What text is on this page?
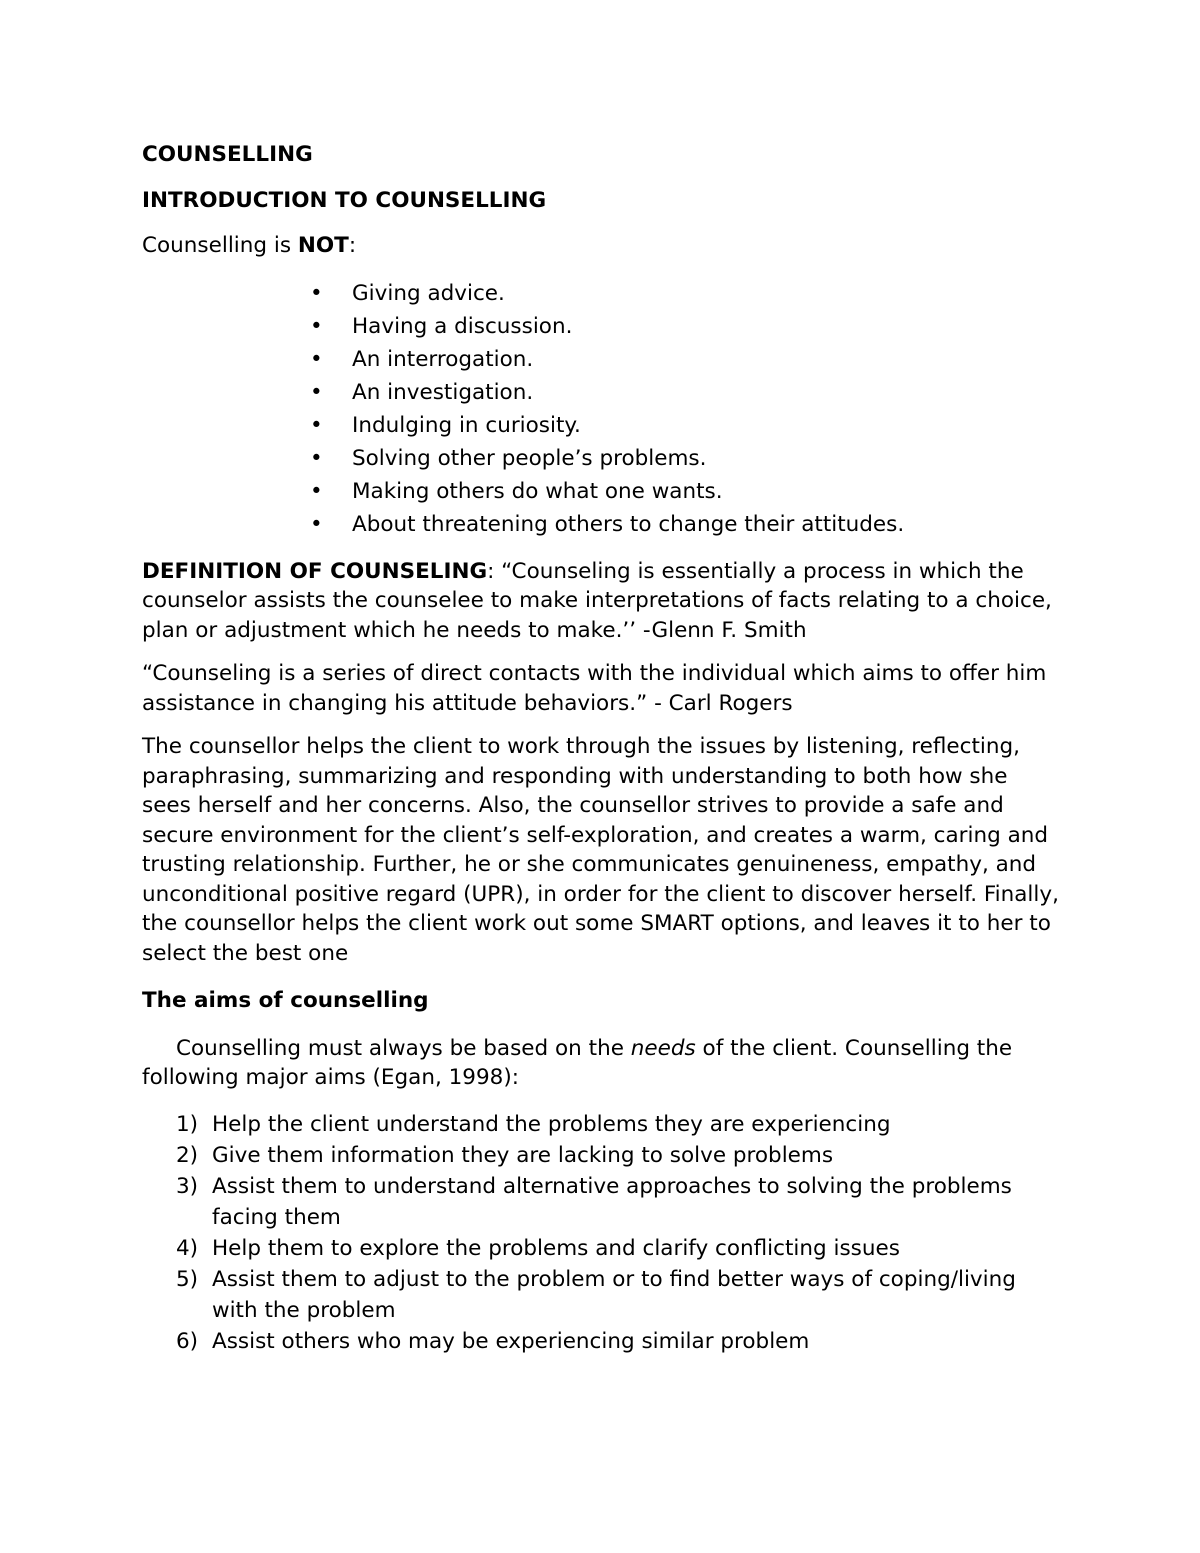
COUNSELLING

INTRODUCTION TO COUNSELLING

Counselling is NOT:

• Giving advice.
• Having a discussion.
• An interrogation.
• An investigation.
• Indulging in curiosity.
• Solving other people’s problems.
• Making others do what one wants.
• About threatening others to change their attitudes.

DEFINITION OF COUNSELING: “Counseling is essentially a process in which the counselor assists the counselee to make interpretations of facts relating to a choice, plan or adjustment which he needs to make.’’ -Glenn F. Smith

“Counseling is a series of direct contacts with the individual which aims to offer him assistance in changing his attitude behaviors.” - Carl Rogers

The counsellor helps the client to work through the issues by listening, reflecting, paraphrasing, summarizing and responding with understanding to both how she sees herself and her concerns. Also, the counsellor strives to provide a safe and secure environment for the client’s self-exploration, and creates a warm, caring and trusting relationship. Further, he or she communicates genuineness, empathy, and unconditional positive regard (UPR), in order for the client to discover herself. Finally, the counsellor helps the client work out some SMART options, and leaves it to her to select the best one

The aims of counselling

Counselling must always be based on the needs of the client. Counselling the following major aims (Egan, 1998):

1) Help the client understand the problems they are experiencing
2) Give them information they are lacking to solve problems
3) Assist them to understand alternative approaches to solving the problems facing them
4) Help them to explore the problems and clarify conflicting issues
5) Assist them to adjust to the problem or to find better ways of coping/living with the problem
6) Assist others who may be experiencing similar problem
